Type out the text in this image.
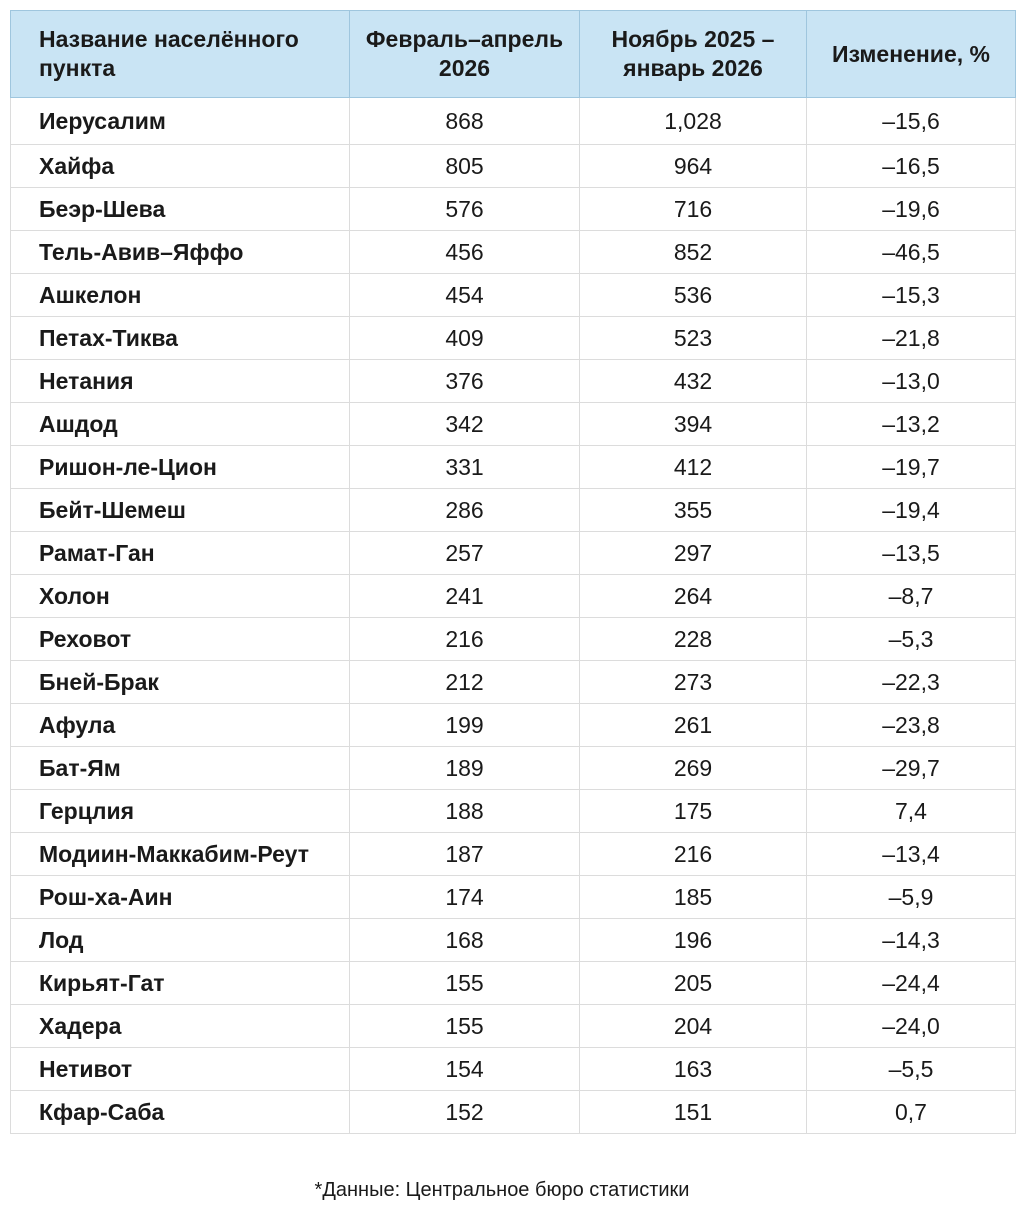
Название населённого пункта	Февраль–апрель 2026	Ноябрь 2025 – январь 2026	Изменение, %
Иерусалим	868	1,028	–15,6
Хайфа	805	964	–16,5
Беэр-Шева	576	716	–19,6
Тель-Авив–Яффо	456	852	–46,5
Ашкелон	454	536	–15,3
Петах-Тиква	409	523	–21,8
Нетания	376	432	–13,0
Ашдод	342	394	–13,2
Ришон-ле-Цион	331	412	–19,7
Бейт-Шемеш	286	355	–19,4
Рамат-Ган	257	297	–13,5
Холон	241	264	–8,7
Реховот	216	228	–5,3
Бней-Брак	212	273	–22,3
Афула	199	261	–23,8
Бат-Ям	189	269	–29,7
Герцлия	188	175	7,4
Модиин-Маккабим-Реут	187	216	–13,4
Рош-ха-Аин	174	185	–5,9
Лод	168	196	–14,3
Кирьят-Гат	155	205	–24,4
Хадера	155	204	–24,0
Нетивот	154	163	–5,5
Кфар-Саба	152	151	0,7
*Данные: Центральное бюро статистики
